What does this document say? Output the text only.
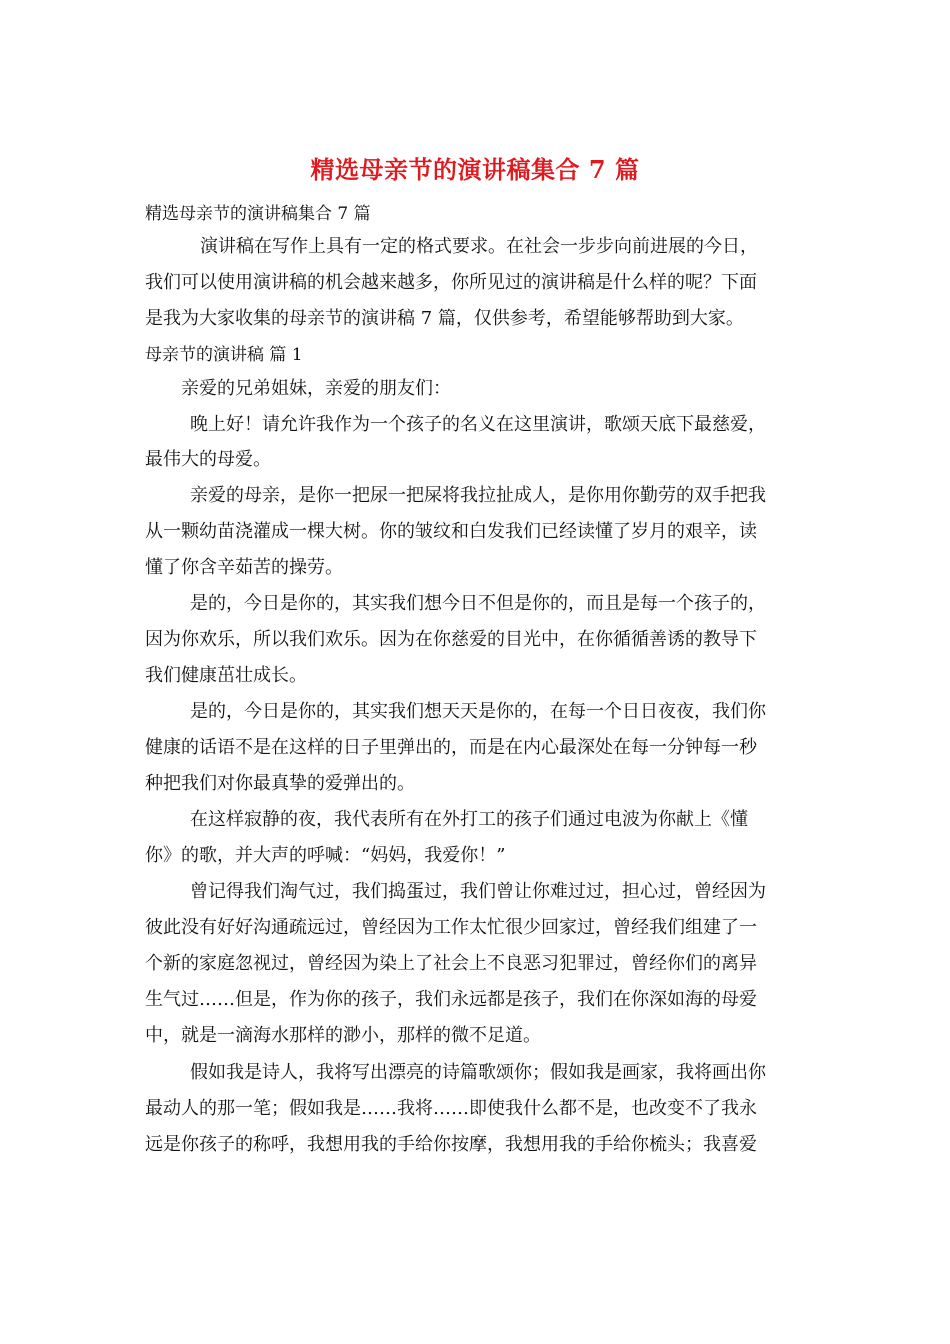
精选母亲节的演讲稿集合 7 篇
精选母亲节的演讲稿集合 7 篇
演讲稿在写作上具有一定的格式要求。在社会一步步向前进展的今日，
我们可以使用演讲稿的机会越来越多，你所见过的演讲稿是什么样的呢？下面
是我为大家收集的母亲节的演讲稿 7 篇，仅供参考，希望能够帮助到大家。
母亲节的演讲稿 篇 1
亲爱的兄弟姐妹，亲爱的朋友们：
晚上好！请允许我作为一个孩子的名义在这里演讲，歌颂天底下最慈爱，
最伟大的母爱。
亲爱的母亲，是你一把尿一把屎将我拉扯成人，是你用你勤劳的双手把我
从一颗幼苗浇灌成一棵大树。你的皱纹和白发我们已经读懂了岁月的艰辛，读
懂了你含辛茹苦的操劳。
是的，今日是你的，其实我们想今日不但是你的，而且是每一个孩子的，
因为你欢乐，所以我们欢乐。因为在你慈爱的目光中，在你循循善诱的教导下
我们健康茁壮成长。
是的，今日是你的，其实我们想天天是你的，在每一个日日夜夜，我们你
健康的话语不是在这样的日子里弹出的，而是在内心最深处在每一分钟每一秒
种把我们对你最真挚的爱弹出的。
在这样寂静的夜，我代表所有在外打工的孩子们通过电波为你献上《懂
你》的歌，并大声的呼喊：“妈妈，我爱你！”
曾记得我们淘气过，我们捣蛋过，我们曾让你难过过，担心过，曾经因为
彼此没有好好沟通疏远过，曾经因为工作太忙很少回家过，曾经我们组建了一
个新的家庭忽视过，曾经因为染上了社会上不良恶习犯罪过，曾经你们的离异
生气过……但是，作为你的孩子，我们永远都是孩子，我们在你深如海的母爱
中，就是一滴海水那样的渺小，那样的微不足道。
假如我是诗人，我将写出漂亮的诗篇歌颂你；假如我是画家，我将画出你
最动人的那一笔；假如我是……我将……即使我什么都不是，也改变不了我永
远是你孩子的称呼，我想用我的手给你按摩，我想用我的手给你梳头；我喜爱
